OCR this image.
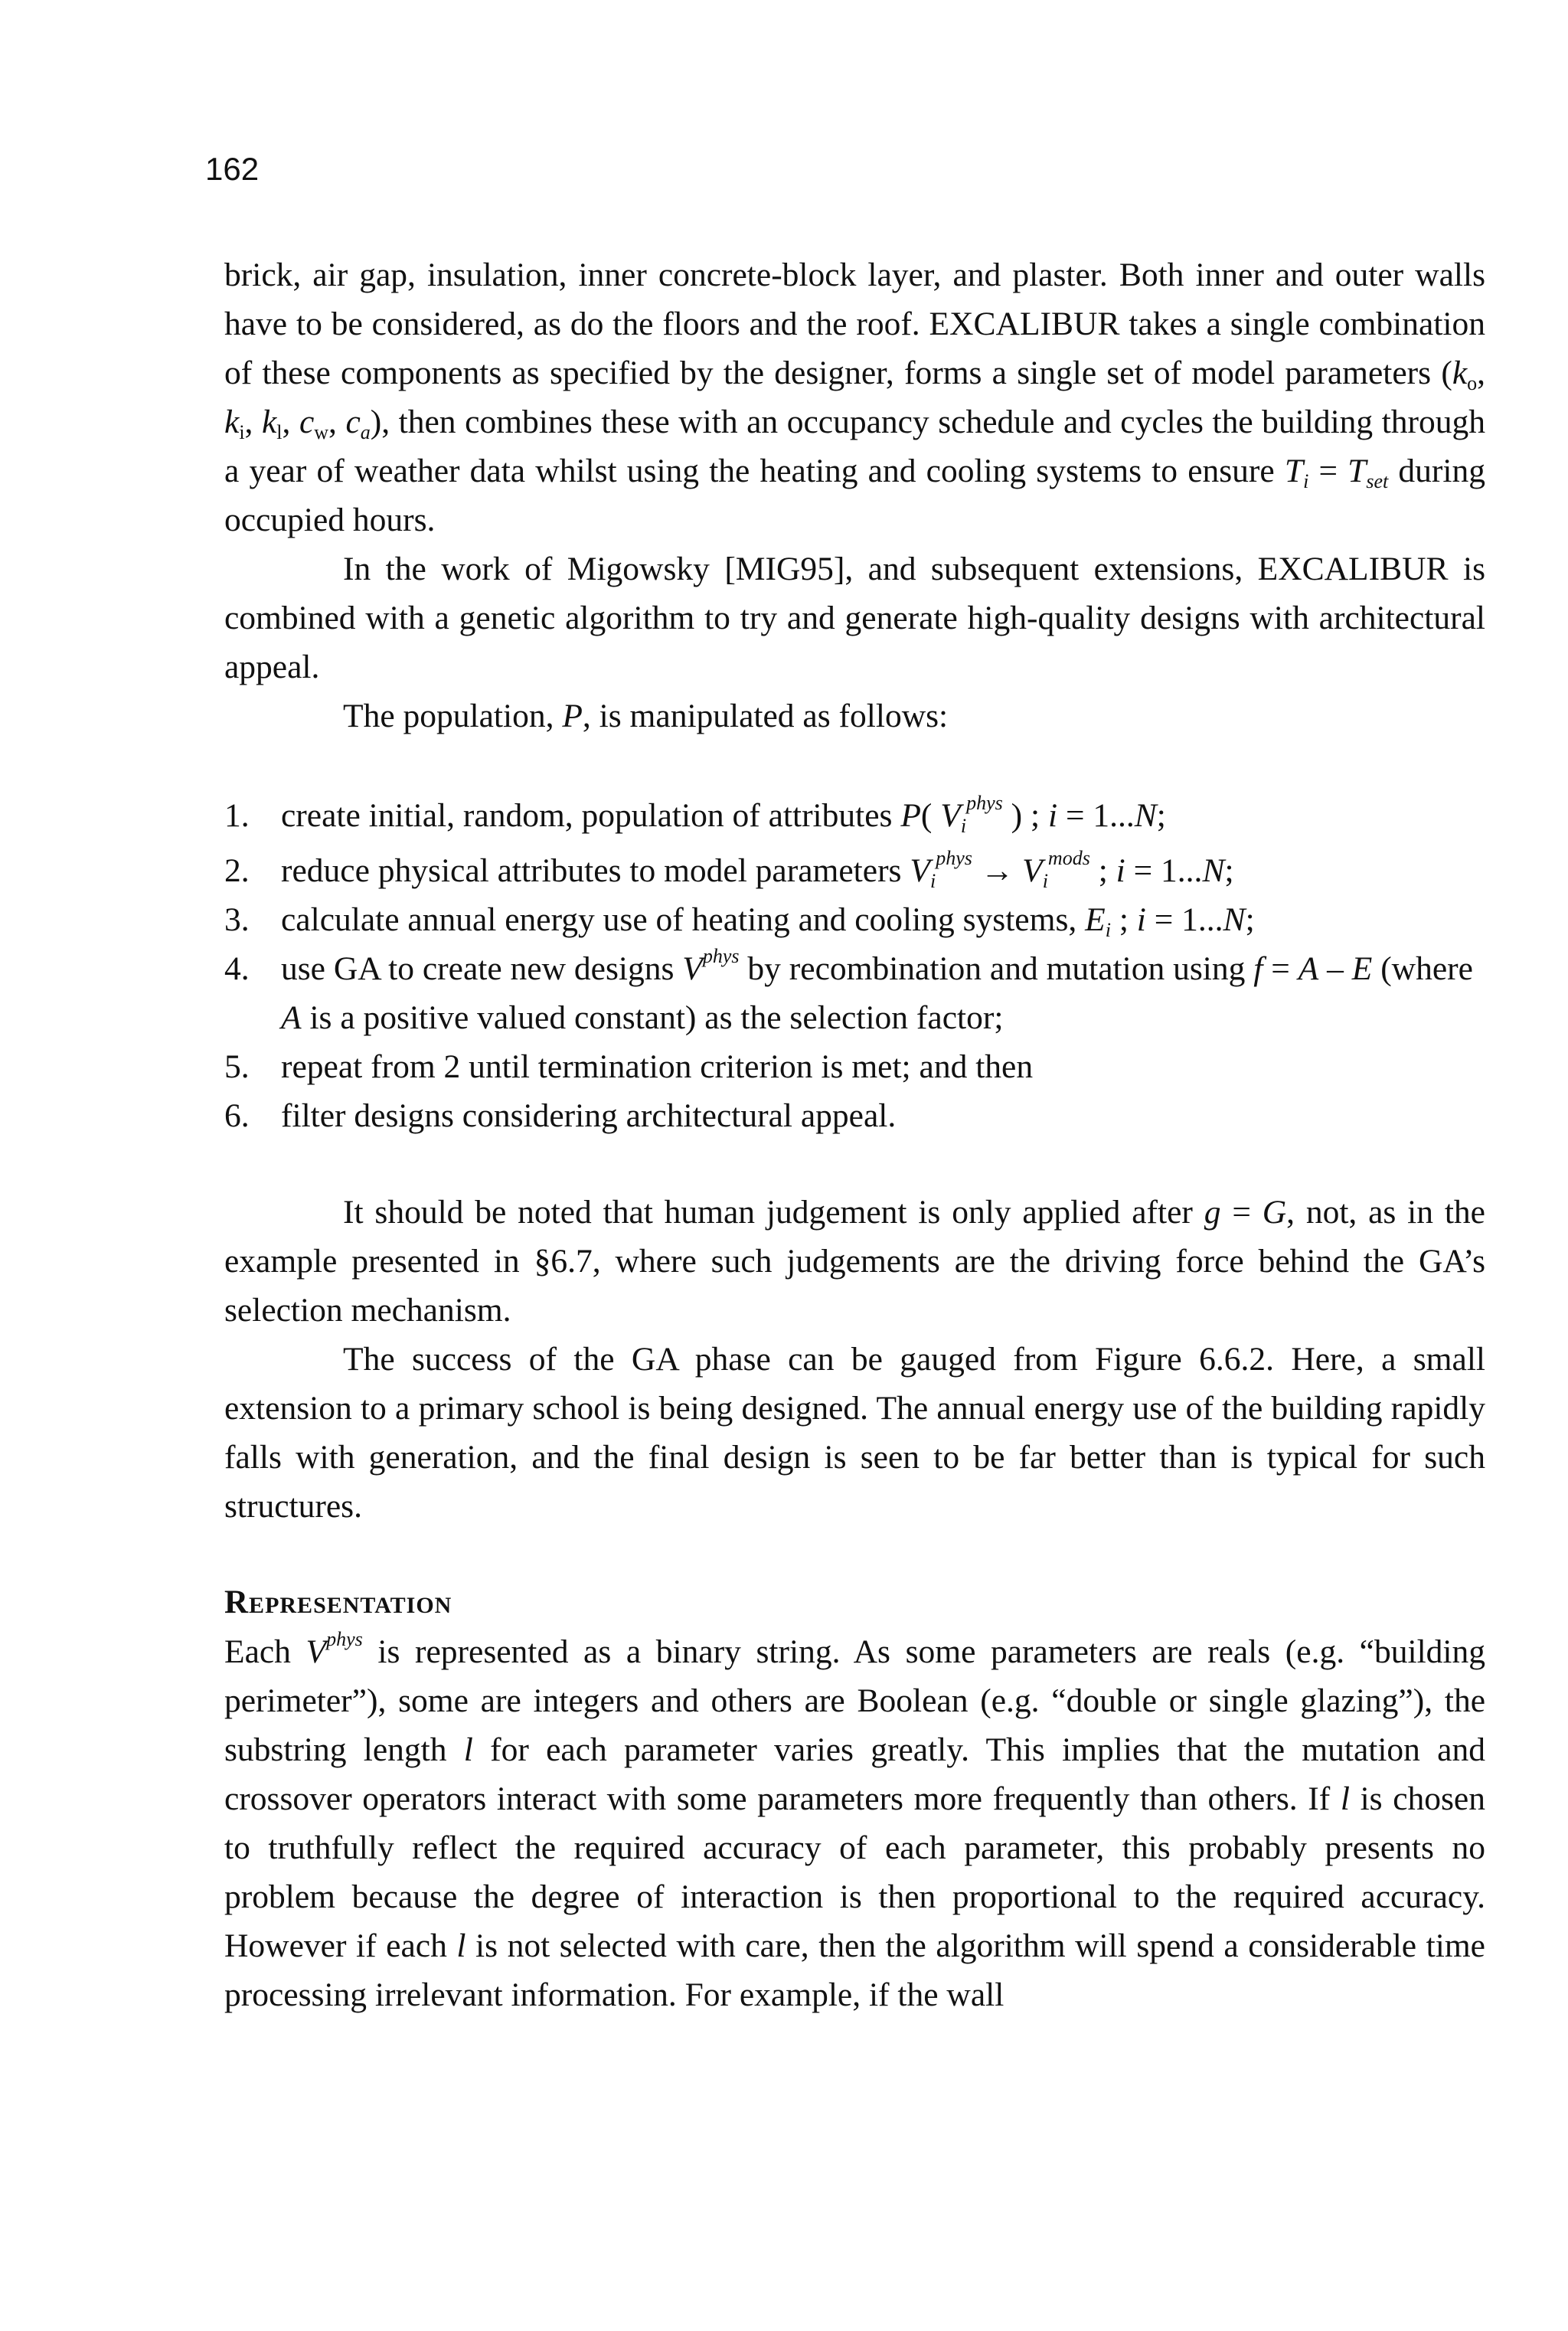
162

brick, air gap, insulation, inner concrete-block layer, and plaster. Both inner and outer walls have to be considered, as do the floors and the roof. EXCALIBUR takes a single combination of these components as specified by the designer, forms a single set of model parameters ($k_o$, $k_i$, $k_l$, $c_w$, $c_a$), then combines these with an occupancy schedule and cycles the building through a year of weather data whilst using the heating and cooling systems to ensure $T_i = T_{set}$ during occupied hours.

In the work of Migowsky [MIG95], and subsequent extensions, EXCALIBUR is combined with a genetic algorithm to try and generate high-quality designs with architectural appeal.

The population, P, is manipulated as follows:

1. create initial, random, population of attributes P( $V_i^{phys}$ ) ; i = 1...N;
2. reduce physical attributes to model parameters $V_i^{phys} \to V_i^{mods}$ ; i = 1...N;
3. calculate annual energy use of heating and cooling systems, $E_i$ ; i = 1...N;
4. use GA to create new designs $V^{phys}$ by recombination and mutation using f = A – E (where A is a positive valued constant) as the selection factor;
5. repeat from 2 until termination criterion is met; and then
6. filter designs considering architectural appeal.

It should be noted that human judgement is only applied after g = G, not, as in the example presented in §6.7, where such judgements are the driving force behind the GA’s selection mechanism.

The success of the GA phase can be gauged from Figure 6.6.2. Here, a small extension to a primary school is being designed. The annual energy use of the building rapidly falls with generation, and the final design is seen to be far better than is typical for such structures.

Representation

Each $V^{phys}$ is represented as a binary string. As some parameters are reals (e.g. “building perimeter”), some are integers and others are Boolean (e.g. “double or single glazing”), the substring length l for each parameter varies greatly. This implies that the mutation and crossover operators interact with some parameters more frequently than others. If l is chosen to truthfully reflect the required accuracy of each parameter, this probably presents no problem because the degree of interaction is then proportional to the required accuracy. However if each l is not selected with care, then the algorithm will spend a considerable time processing irrelevant information. For example, if the wall
